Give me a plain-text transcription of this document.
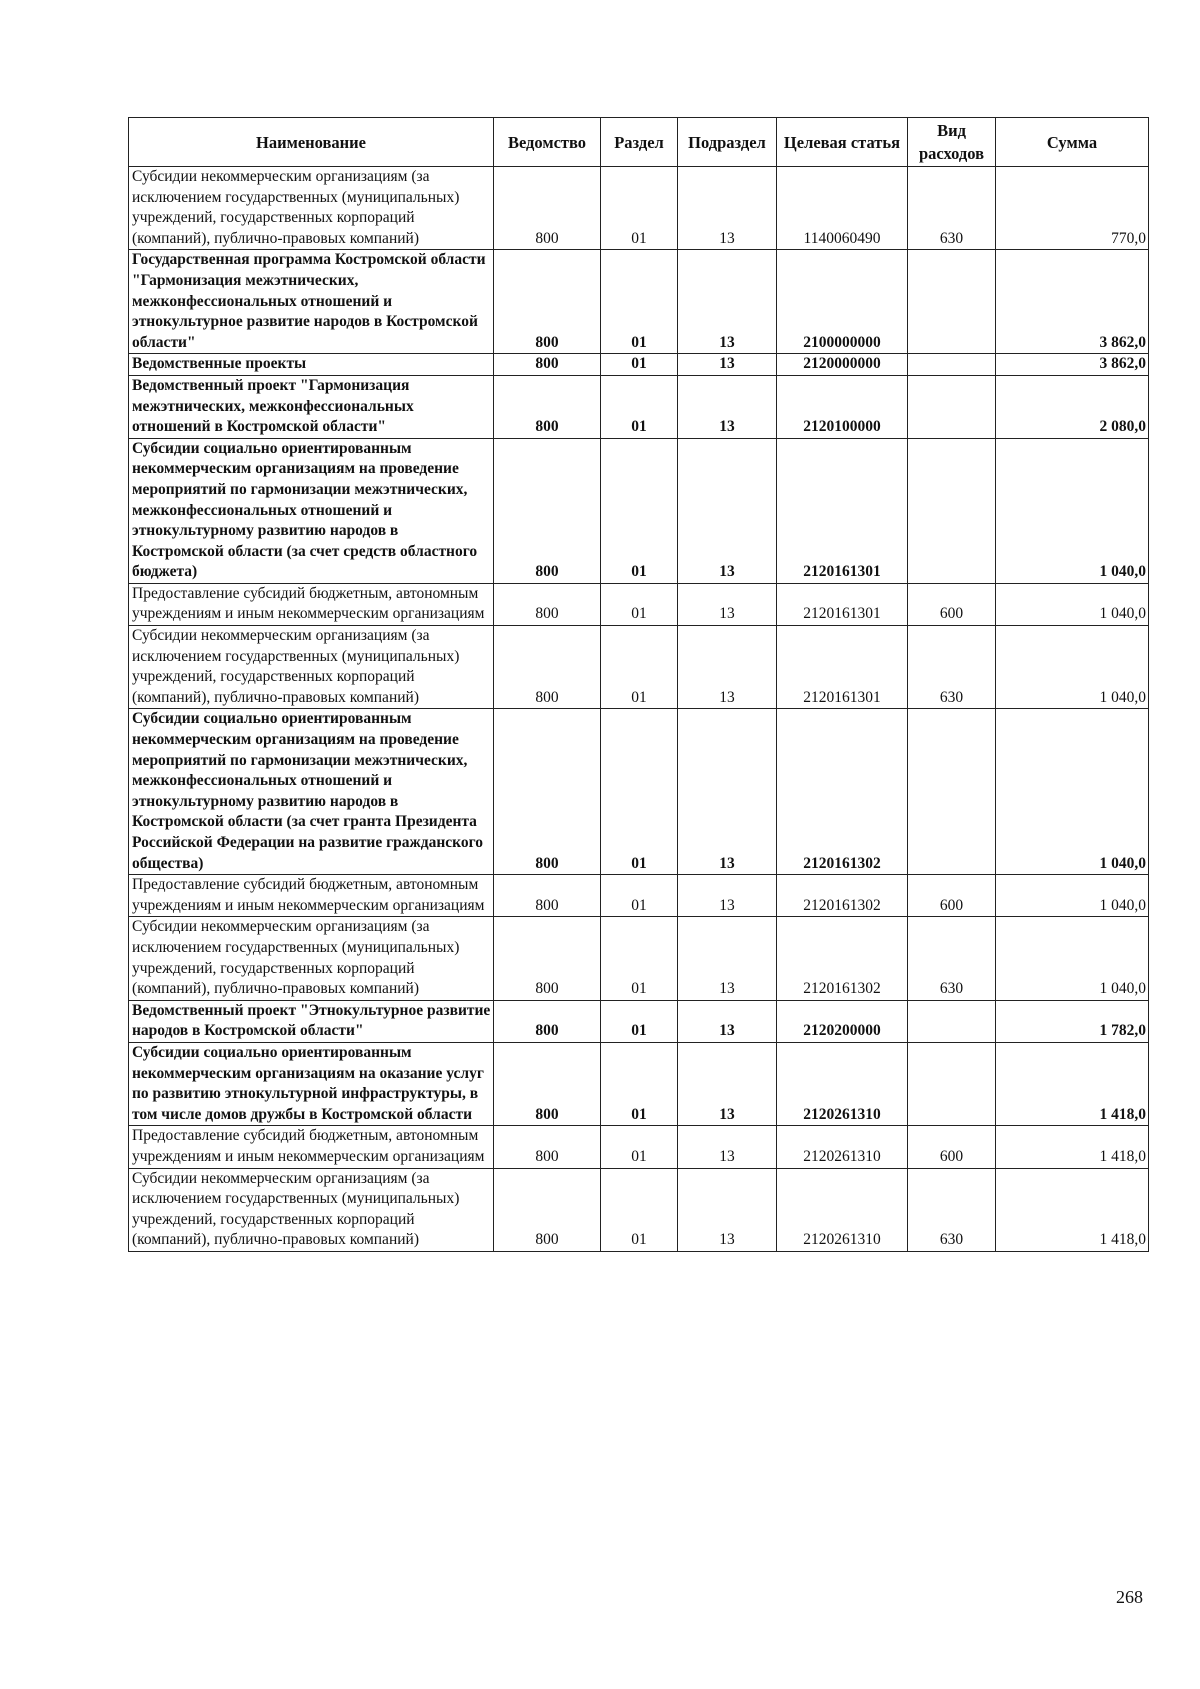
Наименование	Ведомство	Раздел	Подраздел	Целевая статья	Вид расходов	Сумма
Субсидии некоммерческим организациям (за исключением государственных (муниципальных) учреждений, государственных корпораций (компаний), публично-правовых компаний)	800	01	13	1140060490	630	770,0
Государственная программа Костромской области "Гармонизация межэтнических, межконфессиональных отношений и этнокультурное развитие народов в Костромской области"	800	01	13	2100000000		3 862,0
Ведомственные проекты	800	01	13	2120000000		3 862,0
Ведомственный проект "Гармонизация межэтнических, межконфессиональных отношений в Костромской области"	800	01	13	2120100000		2 080,0
Субсидии социально ориентированным некоммерческим организациям на проведение мероприятий по гармонизации межэтнических, межконфессиональных отношений и этнокультурному развитию народов в Костромской области (за счет средств областного бюджета)	800	01	13	2120161301		1 040,0
Предоставление субсидий бюджетным, автономным учреждениям и иным некоммерческим организациям	800	01	13	2120161301	600	1 040,0
Субсидии некоммерческим организациям (за исключением государственных (муниципальных) учреждений, государственных корпораций (компаний), публично-правовых компаний)	800	01	13	2120161301	630	1 040,0
Субсидии социально ориентированным некоммерческим организациям на проведение мероприятий по гармонизации межэтнических, межконфессиональных отношений и этнокультурному развитию народов в Костромской области (за счет гранта Президента Российской Федерации на развитие гражданского общества)	800	01	13	2120161302		1 040,0
Предоставление субсидий бюджетным, автономным учреждениям и иным некоммерческим организациям	800	01	13	2120161302	600	1 040,0
Субсидии некоммерческим организациям (за исключением государственных (муниципальных) учреждений, государственных корпораций (компаний), публично-правовых компаний)	800	01	13	2120161302	630	1 040,0
Ведомственный проект "Этнокультурное развитие народов в Костромской области"	800	01	13	2120200000		1 782,0
Субсидии социально ориентированным некоммерческим организациям на оказание услуг по развитию этнокультурной инфраструктуры, в том числе домов дружбы в Костромской области	800	01	13	2120261310		1 418,0
Предоставление субсидий бюджетным, автономным учреждениям и иным некоммерческим организациям	800	01	13	2120261310	600	1 418,0
Субсидии некоммерческим организациям (за исключением государственных (муниципальных) учреждений, государственных корпораций (компаний), публично-правовых компаний)	800	01	13	2120261310	630	1 418,0
268
